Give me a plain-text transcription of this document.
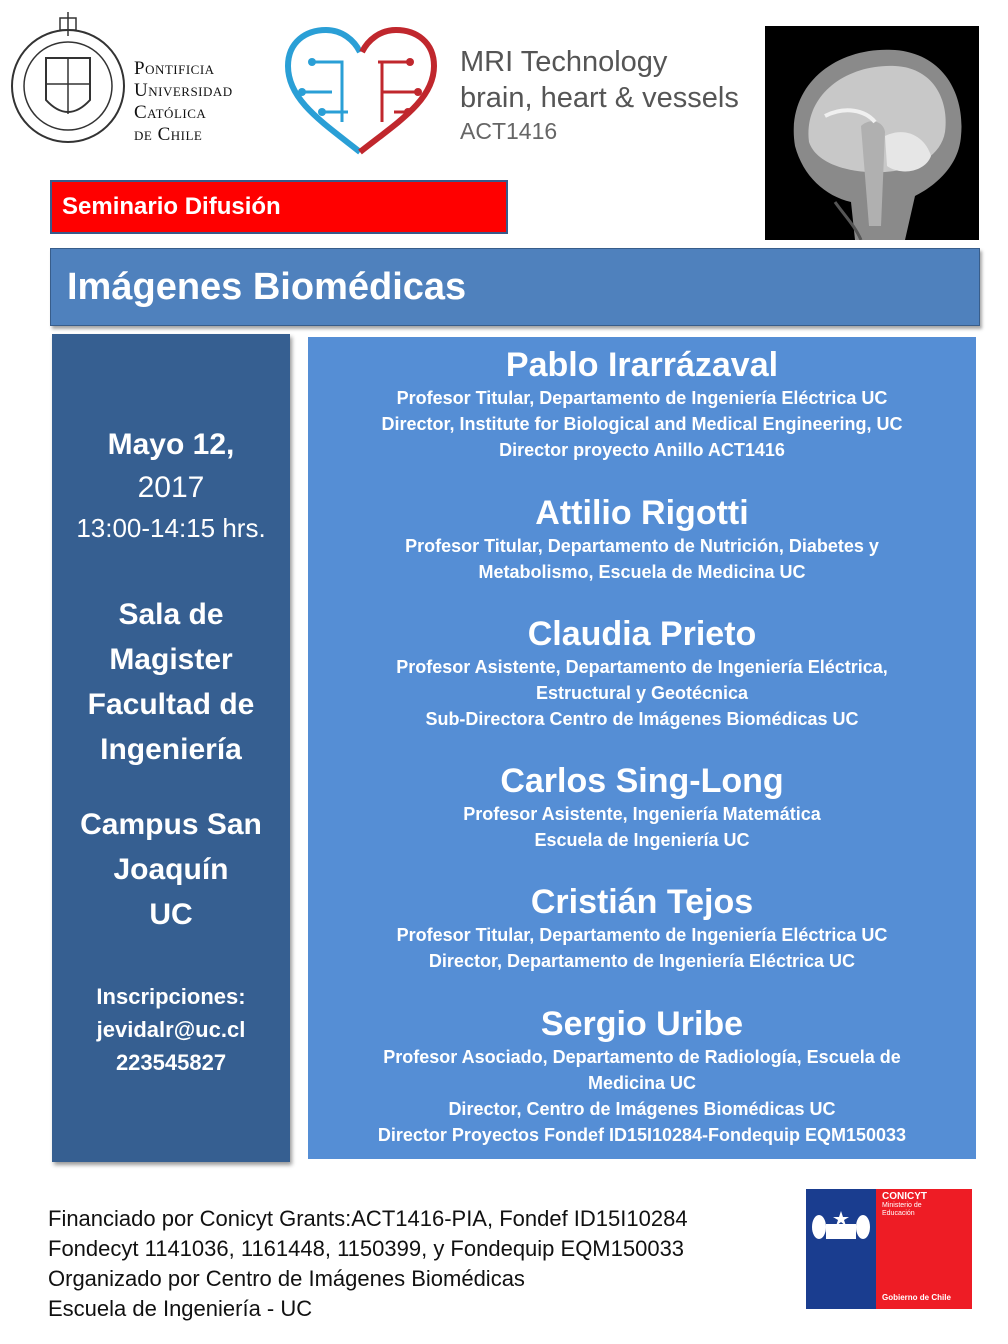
Pontificia
Universidad
Católica
de Chile
MRI Technology
brain, heart & vessels
ACT1416
Seminario Difusión
Imágenes Biomédicas
Mayo 12,
2017
13:00-14:15 hrs.
Sala de
Magister
Facultad de
Ingeniería
Campus San
Joaquín
UC
Inscripciones:
jevidalr@uc.cl
223545827
Pablo Irarrázaval
Profesor Titular, Departamento de Ingeniería Eléctrica UC
Director, Institute for Biological and Medical Engineering, UC
Director proyecto Anillo ACT1416
Attilio Rigotti
Profesor Titular, Departamento de Nutrición, Diabetes y
Metabolismo, Escuela de Medicina UC
Claudia Prieto
Profesor Asistente, Departamento de Ingeniería Eléctrica,
Estructural y Geotécnica
Sub-Directora Centro de Imágenes Biomédicas UC
Carlos Sing-Long
Profesor Asistente, Ingeniería Matemática
Escuela de Ingeniería UC
Cristián Tejos
Profesor Titular, Departamento de Ingeniería Eléctrica UC
Director, Departamento de Ingeniería Eléctrica UC
Sergio Uribe
Profesor Asociado, Departamento de Radiología, Escuela de
Medicina UC
Director, Centro de Imágenes Biomédicas UC
Director Proyectos Fondef ID15I10284-Fondequip EQM150033
Financiado por Conicyt Grants:ACT1416-PIA, Fondef ID15I10284
Fondecyt 1141036, 1161448, 1150399, y Fondequip EQM150033
Organizado por Centro de Imágenes Biomédicas
Escuela de Ingeniería - UC
CONICYT
Ministerio de
Educación
Gobierno de Chile
